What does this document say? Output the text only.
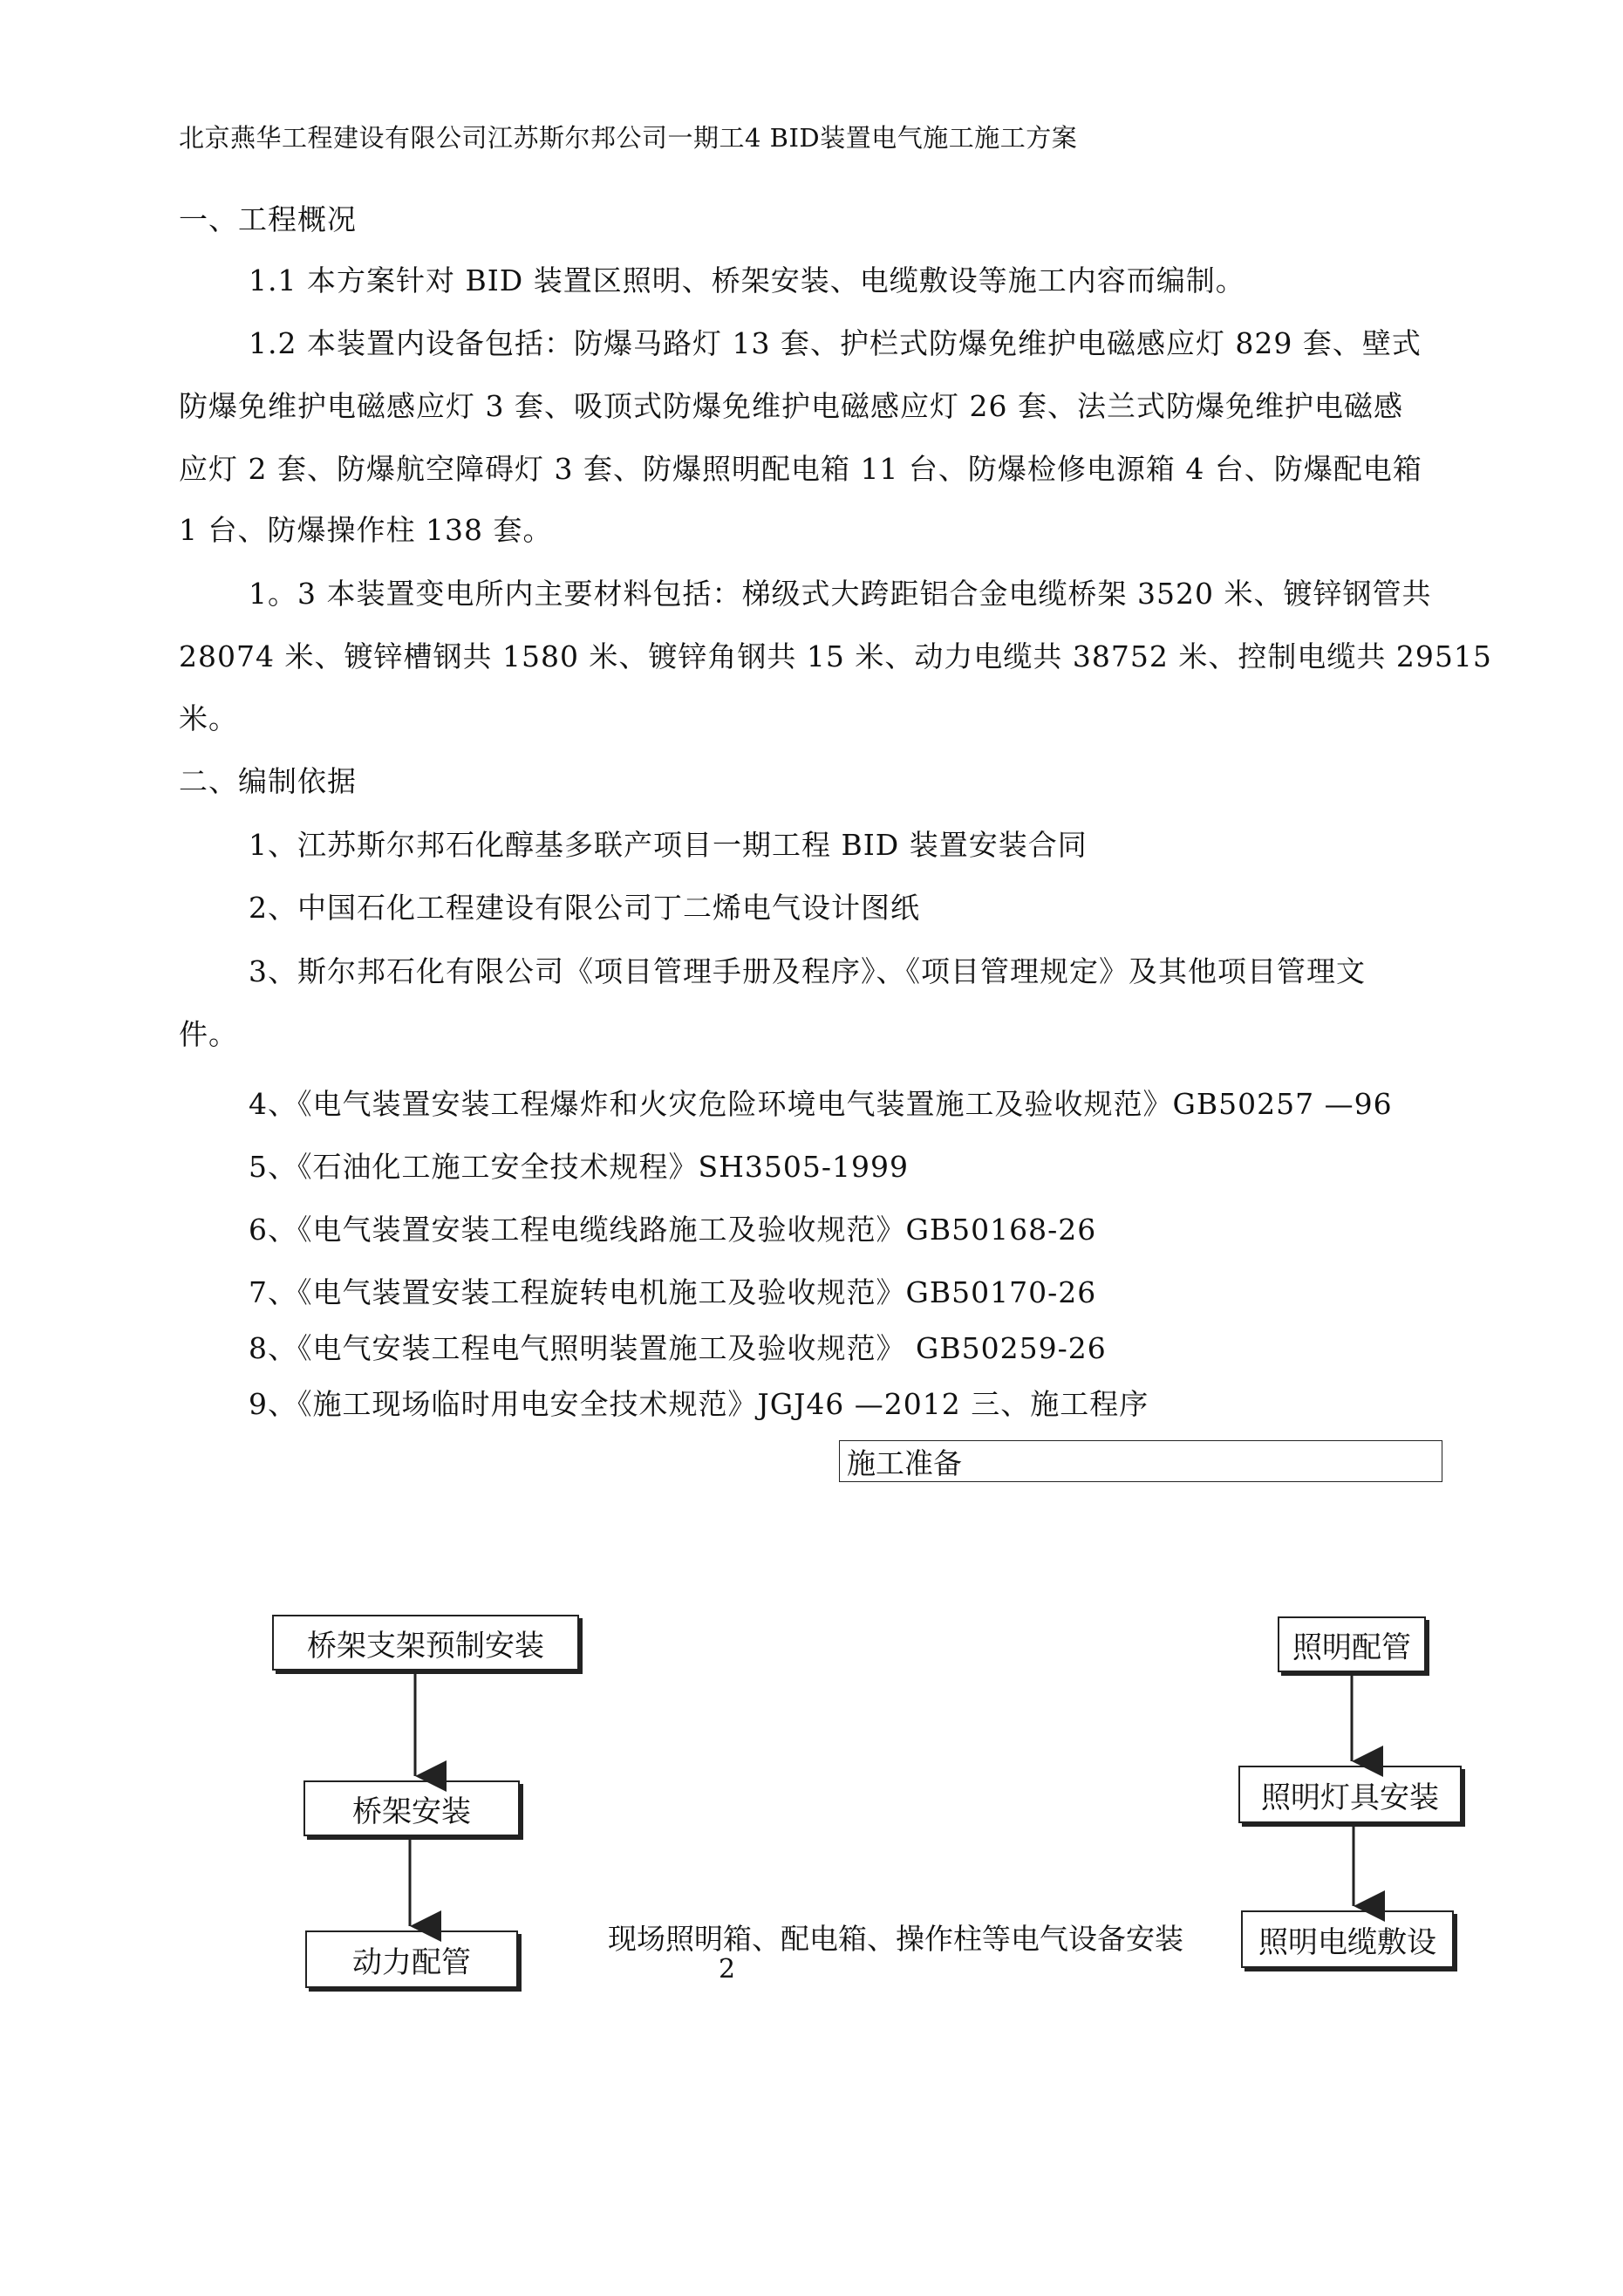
北京燕华工程建设有限公司江苏斯尔邦公司一期工4 BID装置电气施工施工方案
一、工程概况
1.1 本方案针对 BID 装置区照明、桥架安装、电缆敷设等施工内容而编制。
1.2 本装置内设备包括：防爆马路灯 13 套、护栏式防爆免维护电磁感应灯 829 套、壁式
防爆免维护电磁感应灯 3 套、吸顶式防爆免维护电磁感应灯 26 套、法兰式防爆免维护电磁感
应灯 2 套、防爆航空障碍灯 3 套、防爆照明配电箱 11 台、防爆检修电源箱 4 台、防爆配电箱
1 台、防爆操作柱 138 套。
1。3 本装置变电所内主要材料包括：梯级式大跨距铝合金电缆桥架 3520 米、镀锌钢管共
28074 米、镀锌槽钢共 1580 米、镀锌角钢共 15 米、动力电缆共 38752 米、控制电缆共 29515
米。
二、编制依据
1、江苏斯尔邦石化醇基多联产项目一期工程 BID 装置安装合同
2、中国石化工程建设有限公司丁二烯电气设计图纸
3、斯尔邦石化有限公司《项目管理手册及程序》、《项目管理规定》及其他项目管理文
件。
4、《电气装置安装工程爆炸和火灾危险环境电气装置施工及验收规范》GB50257 —96
5、《石油化工施工安全技术规程》SH3505-1999
6、《电气装置安装工程电缆线路施工及验收规范》GB50168-26
7、《电气装置安装工程旋转电机施工及验收规范》GB50170-26
8、《电气安装工程电气照明装置施工及验收规范》 GB50259-26
9、《施工现场临时用电安全技术规范》JGJ46 —2012 三、施工程序
施工准备
桥架支架预制安装
桥架安装
动力配管
照明配管
照明灯具安装
照明电缆敷设
现场照明箱、配电箱、操作柱等电气设备安装
2
